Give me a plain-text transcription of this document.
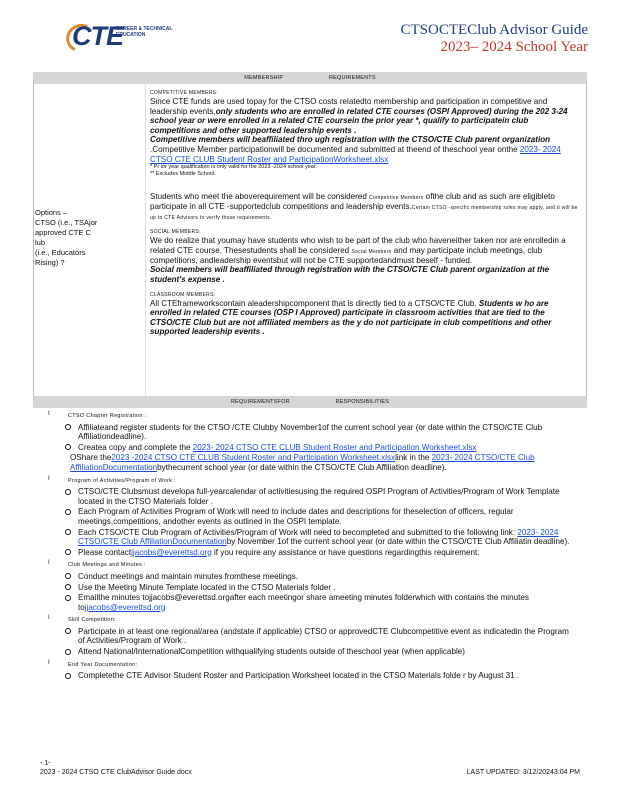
CTE
CAREER & TECHNICAL EDUCATION	CTSOCTEClub Advisor Guide
2023– 2024 School Year
MEMBERSHIP	REQUIREMENTS
Options –
CTSO (i.e., TSAjor
approved CTE C lub
(i.e., Educators
Rising) ?
COMPETITIVE MEMBERS:

Since CTE funds are used topay for the CTSO costs relatedto membership and participation in competitive and leadership events,only students who are enrolled in related CTE courses (OSPI Approved) during the 202 3-24 school year or were enrolled in a related CTE coursein the prior year *, qualify to participatein club competitions and other supported leadership events .

Competitive members will beaffiliated thro ugh registration with the CTSO/CTE Club parent organization .Competitive Member participationwill be documented and submitted at theend of theschool year onthe 2023- 2024 CTSO CTE CLUB Student Roster and ParticipationWorksheet.xlsx

* Pr ior year qualification is only valid for the 2023 -2024 school year.
** Excludes Middle School.

Students who meet the aboverequirement will be considered Competitive Members ofthe club and as such are eligibleto participate in all CTE -supportedclub competitions and leadership events.Certain CTSO -specific membership rules may apply, and it will be up to CTE Advisors to verify those requirements.

SOCIAL MEMBERS:

We do realize that youmay have students who wish to be part of the club who haveneither taken nor are enrolledin a related CTE course. Thesestudents shall be considered Social Members and may participate inclub meetings, club competitions, andleadership eventsbut will not be CTE supportedandmust beself - funded.

Social members will beaffiliated through registration with the CTSO/CTE Club parent organization at the student's expense .

CLASSROOM MEMBERS:

All CTEframeworkscontain aleadershipcomponent that is directly tied to a CTSO/CTE Club. Students w ho are enrolled in related CTE courses (OSP I Approved) participate in classroom activities that are tied to the CTSO/CTE Club but are not affiliated members as the y do not participate in club competitions and other supported leadership events .

REQUIREMENTSFOR	RESPONSIBILITIES
I	CTSO Chapter Registration :
Affiliateand register students for the CTSO /CTE Clubby November1of the current school year (or date within the CTSO/CTE Club Affiliationdeadline).
Createa copy and complete the 2023- 2024 CTSO CTE CLUB Student Roster and Participation Worksheet.xlsx
OShare the2023 -2024 CTSO CTE CLUB Student Roster and Participation Worksheet.xlsxlink in the 2023- 2024 CTSO/CTE Club AffiliationDocumentationbythecurrent school year (or date within the CTSO/CTE Club Affiliation deadline).
I	Program of Activities/Program of Work :
CTSO/CTE Clubsmust developa full-yearcalendar of activitiesusing the required OSPI Program of Activities/Program of Work Template located in the CTSO Materials folder .
Each Program of Activities Program of Work will need to include dates and descriptions for theselection of officers, regular meetings,competitions, andother events as outlined in the OSPI template.
Each CTSO/CTE Club Program of Activities/Program of Work will need to becompleted and submitted to the following link: 2023- 2024 CTSO/CTE Club AffiliationDocumentationby November 1of the current school year (or date within the CTSO/CTE Club Affiliatin deadline).
Please contactjjacobs@everettsd.org if you require any assistance or have questions regardingthis requirement.
I	Club Meetings and Minutes :
Conduct meetings and maintain minutes fromthese meetings.
Use the Meeting Minute Template located in the CTSO Materials folder .
Emailthe minutes tojjacobs@everettsd.orgafter each meetingor share ameeting minutes folderwhich with contains the minutes tojjacobs@everettsd.org
I	Skill Competition:
Participate in at least one regional/area (andstate if applicable) CTSO or approvedCTE Clubcompetitive event as indicatedin the Program of Activities/Program of Work .
Attend National/InternationalCompetition withqualifying students outside of theschool year (when applicable)
I	End Year Documentation:
Completethe CTE Advisor Student Roster and Participation Worksheet located in the CTSO Materials folde r by August 31 .
- 1-
2023 - 2024 CTSO CTE ClubAdvisor Guide.docx	LAST UPDATED: 3/12/20243:04 PM
